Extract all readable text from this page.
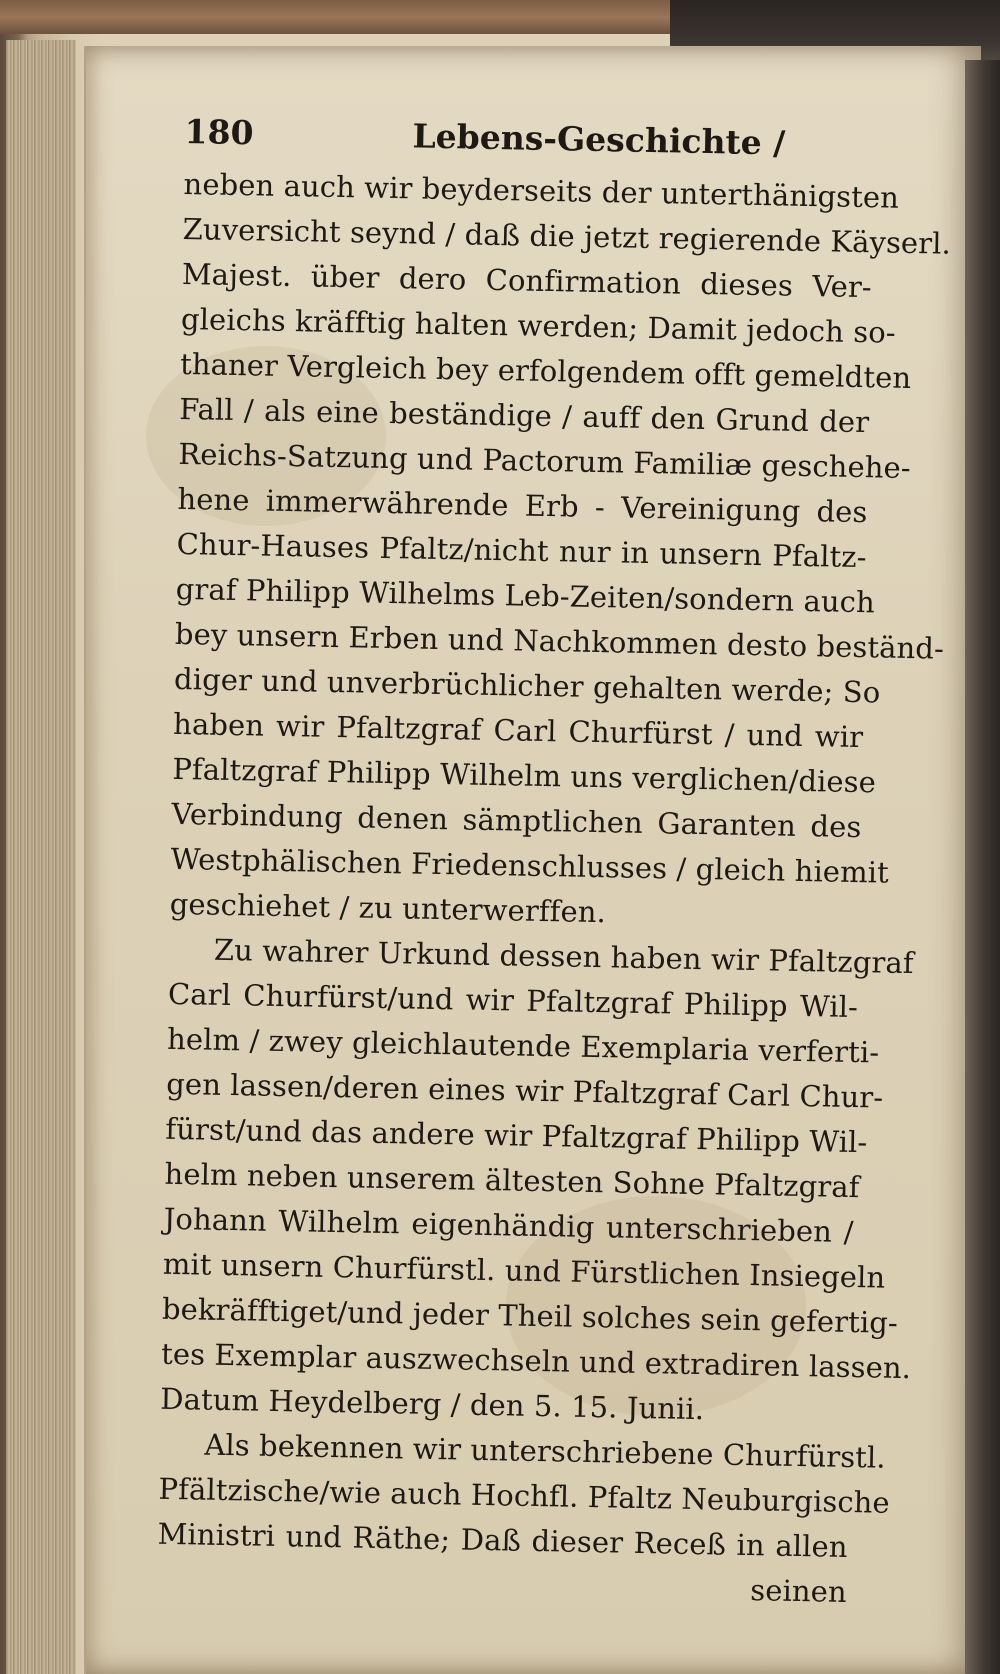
180	Lebens-Geschichte /
neben auch wir beyderseits der unterthänigsten
Zuversicht seynd / daß die jetzt regierende Käyserl.
Majest. über dero Confirmation dieses Ver-
gleichs kräfftig halten werden; Damit jedoch so-
thaner Vergleich bey erfolgendem offt gemeldten
Fall / als eine beständige / auff den Grund der
Reichs-Satzung und Pactorum Familiæ geschehe-
hene immerwährende Erb - Vereinigung des
Chur-Hauses Pfaltz/nicht nur in unsern Pfaltz-
graf Philipp Wilhelms Leb-Zeiten/sondern auch
bey unsern Erben und Nachkommen desto beständ-
diger und unverbrüchlicher gehalten werde; So
haben wir Pfaltzgraf Carl Churfürst / und wir
Pfaltzgraf Philipp Wilhelm uns verglichen/diese
Verbindung denen sämptlichen Garanten des
Westphälischen Friedenschlusses / gleich hiemit
geschiehet / zu unterwerffen.
Zu wahrer Urkund dessen haben wir Pfaltzgraf
Carl Churfürst/und wir Pfaltzgraf Philipp Wil-
helm / zwey gleichlautende Exemplaria verferti-
gen lassen/deren eines wir Pfaltzgraf Carl Chur-
fürst/und das andere wir Pfaltzgraf Philipp Wil-
helm neben unserem ältesten Sohne Pfaltzgraf
Johann Wilhelm eigenhändig unterschrieben /
mit unsern Churfürstl. und Fürstlichen Insiegeln
bekräfftiget/und jeder Theil solches sein gefertig-
tes Exemplar auszwechseln und extradiren lassen.
Datum Heydelberg / den 5. 15. Junii.
Als bekennen wir unterschriebene Churfürstl.
Pfältzische/wie auch Hochfl. Pfaltz Neuburgische
Ministri und Räthe; Daß dieser Receß in allen
seinen
